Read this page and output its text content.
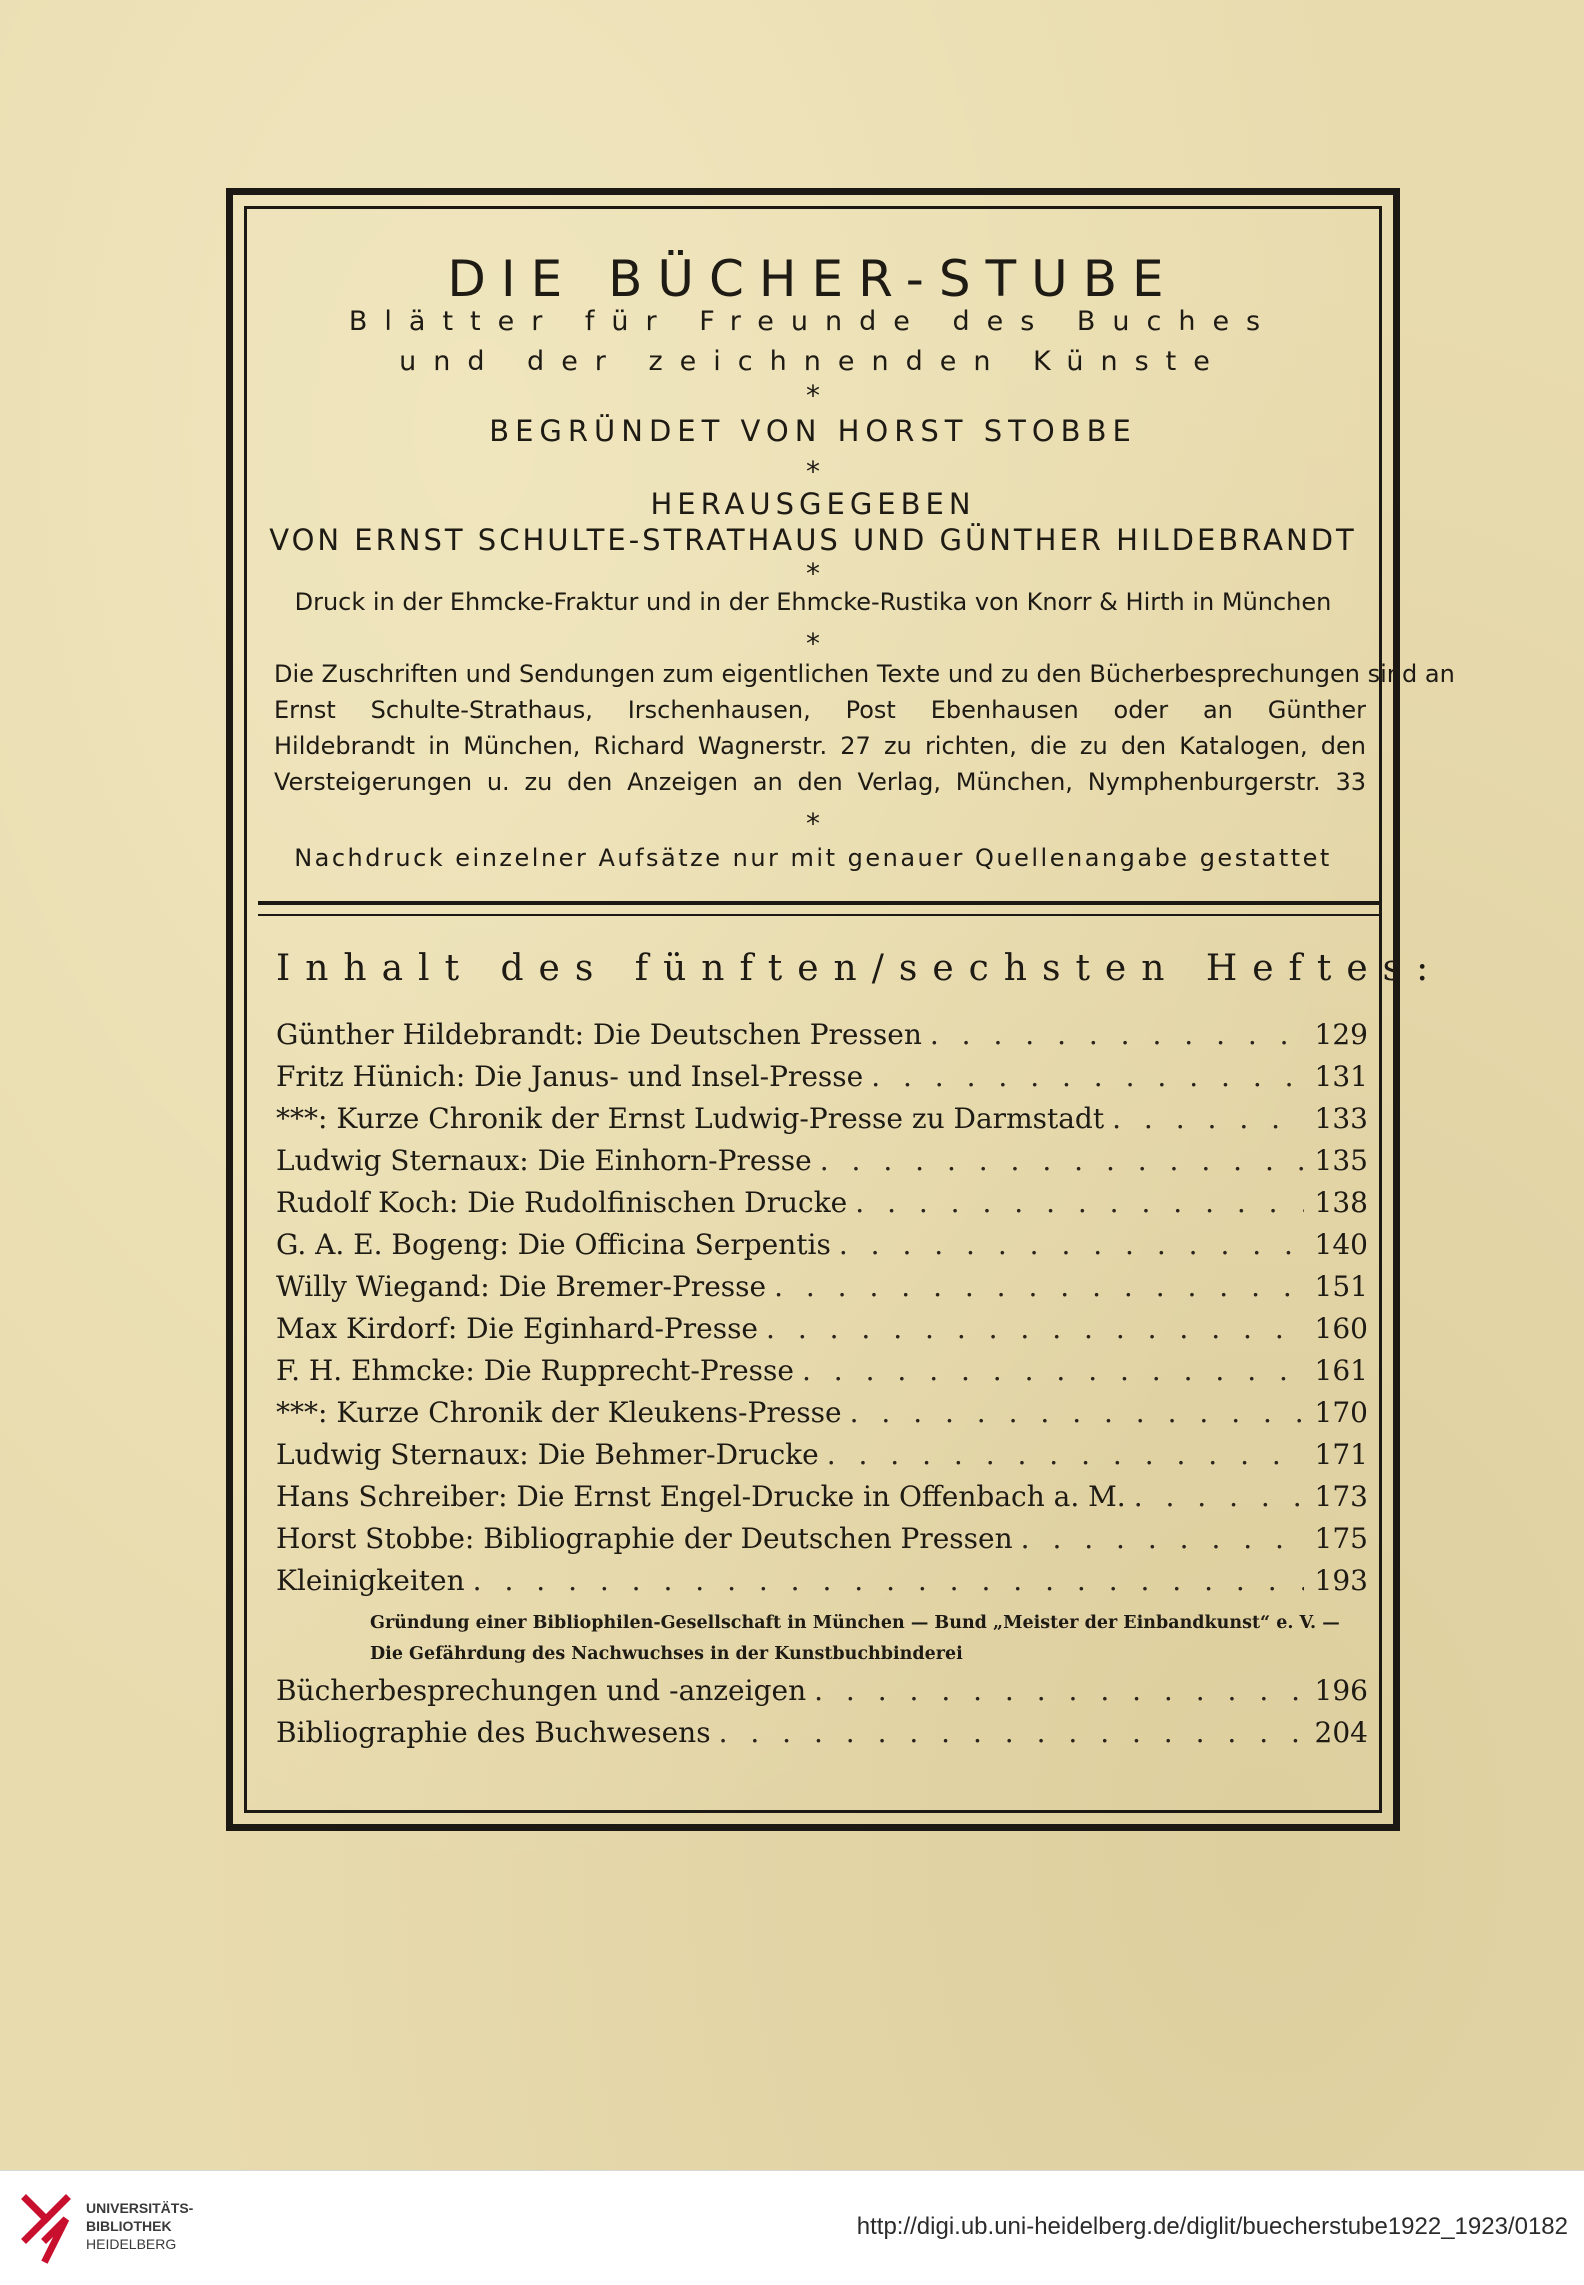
DIE BÜCHER-STUBE
Blätter für Freunde des Buches
und der zeichnenden Künste
*
BEGRÜNDET VON HORST STOBBE
*
HERAUSGEGEBEN
VON ERNST SCHULTE-STRATHAUS UND GÜNTHER HILDEBRANDT
*
Druck in der Ehmcke-Fraktur und in der Ehmcke-Rustika von Knorr & Hirth in München
*
Die Zuschriften und Sendungen zum eigentlichen Texte und zu den Bücherbesprechungen sind an
Ernst Schulte-Strathaus, Irschenhausen, Post Ebenhausen oder an Günther
Hildebrandt in München, Richard Wagnerstr. 27 zu richten, die zu den Katalogen, den
Versteigerungen u. zu den Anzeigen an den Verlag, München, Nymphenburgerstr. 33
*
Nachdruck einzelner Aufsätze nur mit genauer Quellenangabe gestattet
Inhalt des fünften/sechsten Heftes:
Günther Hildebrandt: Die Deutschen Pressen . . .	129
Fritz Hünich: Die Janus- und Insel-Presse . . .	131
***: Kurze Chronik der Ernst Ludwig-Presse zu Darmstadt . . .	133
Ludwig Sternaux: Die Einhorn-Presse . . .	135
Rudolf Koch: Die Rudolfinischen Drucke . . .	138
G. A. E. Bogeng: Die Officina Serpentis . . .	140
Willy Wiegand: Die Bremer-Presse . . .	151
Max Kirdorf: Die Eginhard-Presse . . .	160
F. H. Ehmcke: Die Rupprecht-Presse . . .	161
***: Kurze Chronik der Kleukens-Presse . . .	170
Ludwig Sternaux: Die Behmer-Drucke . . .	171
Hans Schreiber: Die Ernst Engel-Drucke in Offenbach a. M. . . .	173
Horst Stobbe: Bibliographie der Deutschen Pressen . . .	175
Kleinigkeiten . . .	193
Gründung einer Bibliophilen-Gesellschaft in München — Bund „Meister der Einbandkunst“ e. V. — Die Gefährdung des Nachwuchses in der Kunstbuchbinderei
Bücherbesprechungen und -anzeigen . . .	196
Bibliographie des Buchwesens . . .	204
UNIVERSITÄTS-
BIBLIOTHEK
HEIDELBERG
http://digi.ub.uni-heidelberg.de/diglit/buecherstube1922_1923/0182
